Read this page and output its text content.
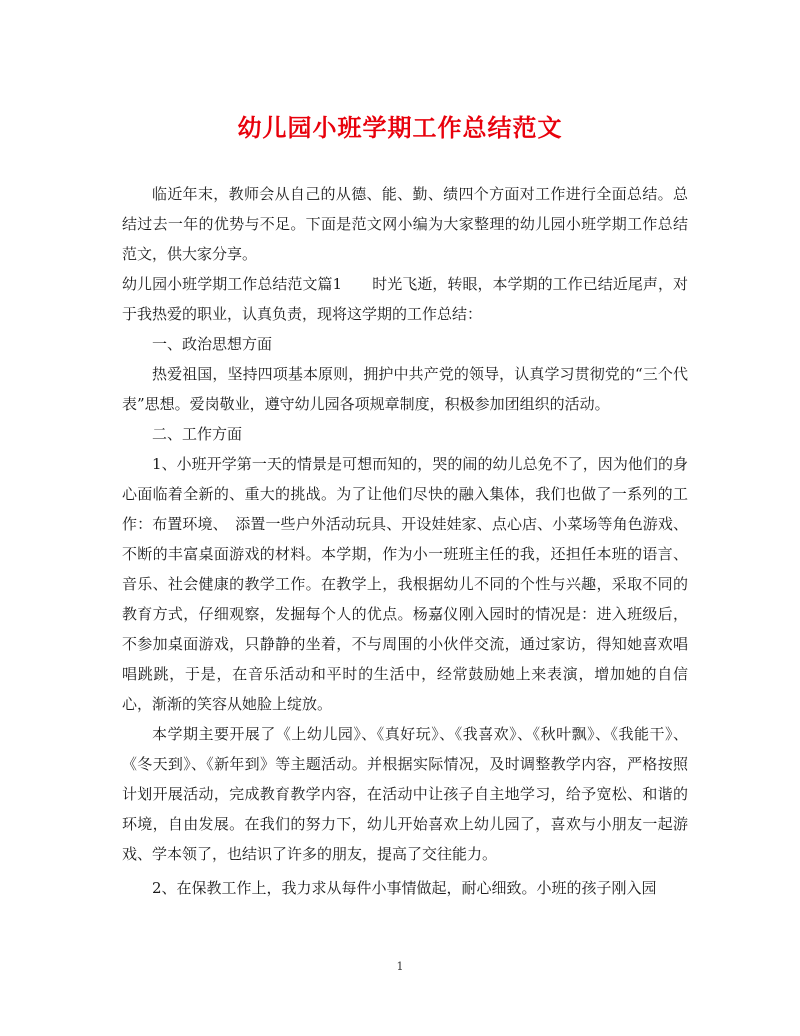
幼儿园小班学期工作总结范文

临近年末，教师会从自己的从德、能、勤、绩四个方面对工作进行全面总结。总结过去一年的优势与不足。下面是范文网小编为大家整理的幼儿园小班学期工作总结范文，供大家分享。

幼儿园小班学期工作总结范文篇1　　时光飞逝，转眼，本学期的工作已结近尾声，对于我热爱的职业，认真负责，现将这学期的工作总结：

一、政治思想方面

热爱祖国，坚持四项基本原则，拥护中共产党的领导，认真学习贯彻党的“三个代表”思想。爱岗敬业，遵守幼儿园各项规章制度，积极参加团组织的活动。

二、工作方面

1、小班开学第一天的情景是可想而知的，哭的闹的幼儿总免不了，因为他们的身心面临着全新的、重大的挑战。为了让他们尽快的融入集体，我们也做了一系列的工作：布置环境、　添置一些户外活动玩具、开设娃娃家、点心店、小菜场等角色游戏、不断的丰富桌面游戏的材料。本学期，作为小一班班主任的我，还担任本班的语言、音乐、社会健康的教学工作。在教学上，我根据幼儿不同的个性与兴趣，采取不同的教育方式，仔细观察，发掘每个人的优点。杨嘉仪刚入园时的情况是：进入班级后，不参加桌面游戏，只静静的坐着，不与周围的小伙伴交流，通过家访，得知她喜欢唱唱跳跳，于是，在音乐活动和平时的生活中，经常鼓励她上来表演，增加她的自信心，渐渐的笑容从她脸上绽放。

本学期主要开展了《上幼儿园》、《真好玩》、《我喜欢》、《秋叶飘》、《我能干》、《冬天到》、《新年到》等主题活动。并根据实际情况，及时调整教学内容，严格按照计划开展活动，完成教育教学内容，在活动中让孩子自主地学习，给予宽松、和谐的环境，自由发展。在我们的努力下，幼儿开始喜欢上幼儿园了，喜欢与小朋友一起游戏、学本领了，也结识了许多的朋友，提高了交往能力。

2、在保教工作上，我力求从每件小事情做起，耐心细致。小班的孩子刚入园

1
